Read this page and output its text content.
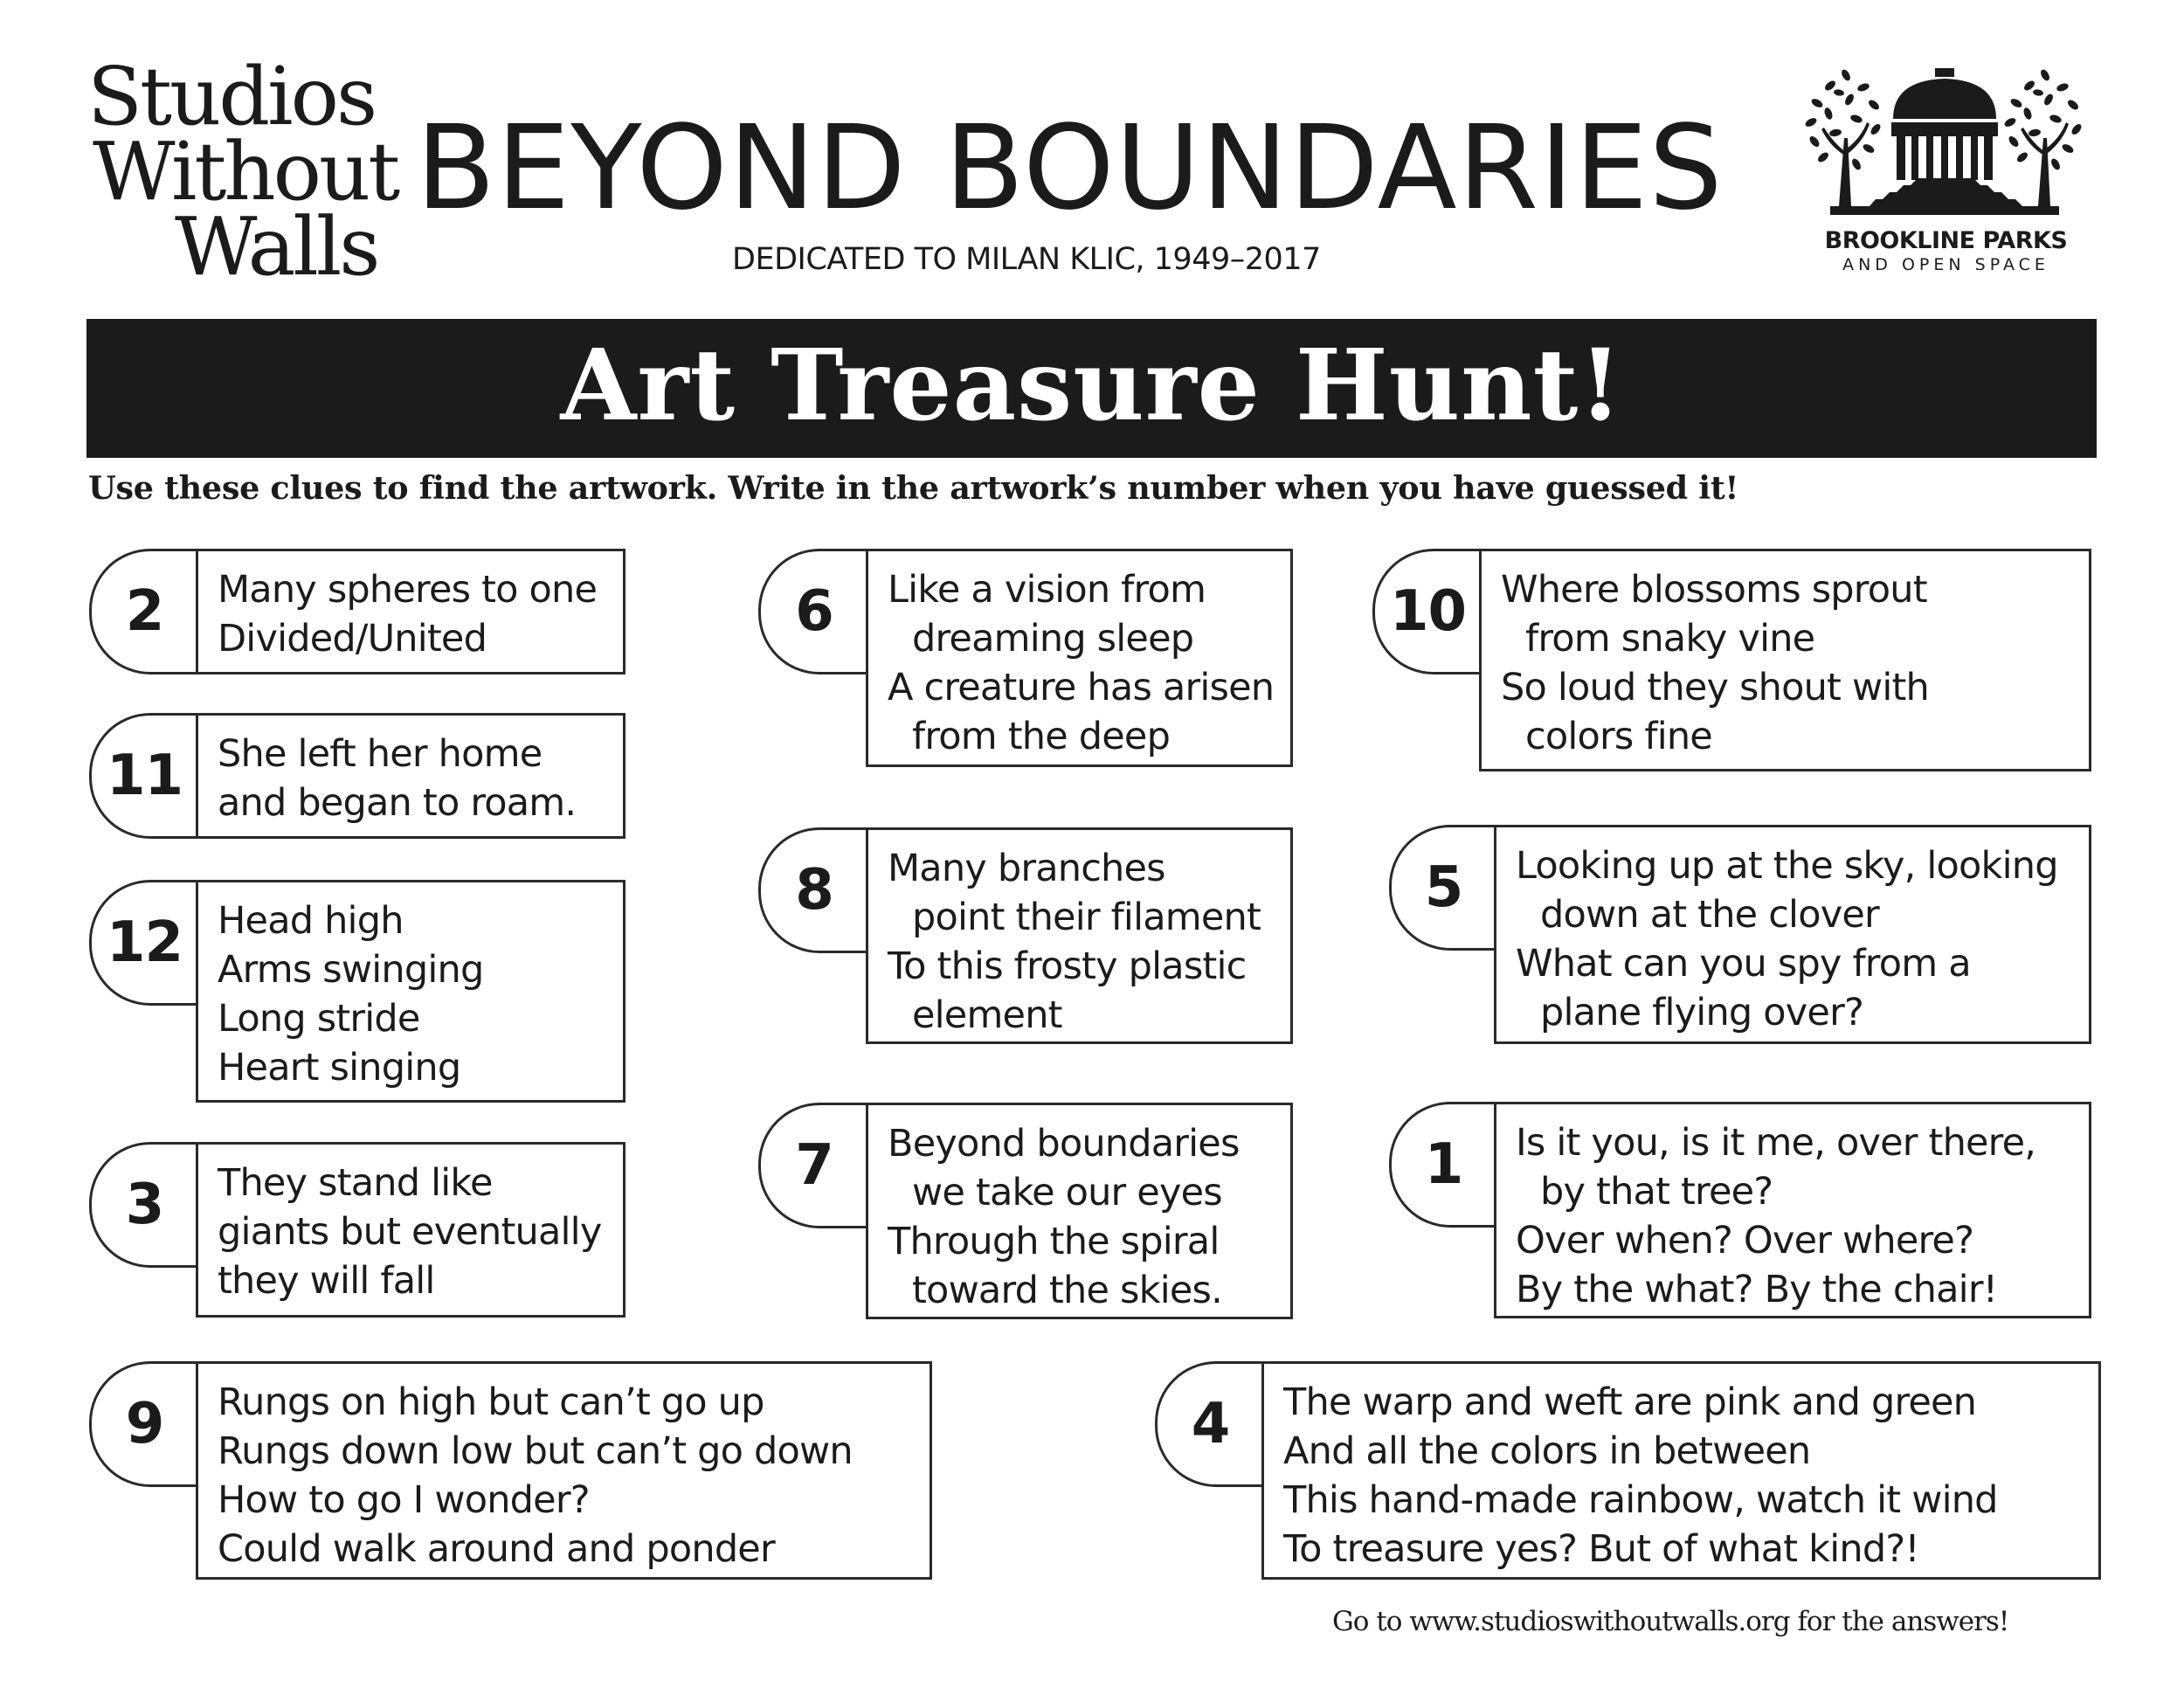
Studios
Without
Walls
BEYOND BOUNDARIES
DEDICATED TO MILAN KLIC, 1949–2017
BROOKLINE PARKS
AND OPEN SPACE
Art Treasure Hunt!
Use these clues to find the artwork. Write in the artwork’s number when you have guessed it!
2 Many spheres to one
Divided/United
11 She left her home
and began to roam.
12 Head high
Arms swinging
Long stride
Heart singing
3 They stand like
giants but eventually
they will fall
6 Like a vision from
dreaming sleep
A creature has arisen
from the deep
8 Many branches
point their filament
To this frosty plastic
element
7 Beyond boundaries
we take our eyes
Through the spiral
toward the skies.
10 Where blossoms sprout
from snaky vine
So loud they shout with
colors fine
5 Looking up at the sky, looking
down at the clover
What can you spy from a
plane flying over?
1 Is it you, is it me, over there,
by that tree?
Over when? Over where?
By the what? By the chair!
9 Rungs on high but can’t go up
Rungs down low but can’t go down
How to go I wonder?
Could walk around and ponder
4 The warp and weft are pink and green
And all the colors in between
This hand-made rainbow, watch it wind
To treasure yes? But of what kind?!
Go to www.studioswithoutwalls.org for the answers!
